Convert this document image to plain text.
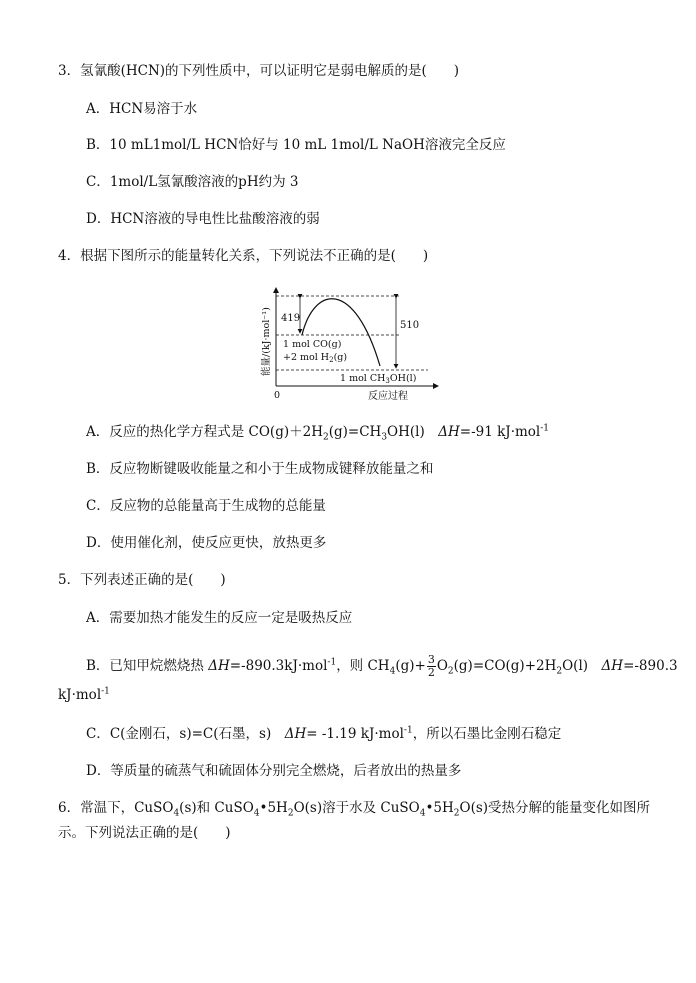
3．氢氰酸(HCN)的下列性质中，可以证明它是弱电解质的是(　　)
A．HCN易溶于水
B．10 mL1mol/L HCN恰好与 10 mL 1mol/L NaOH溶液完全反应
C．1mol/L氢氰酸溶液的pH约为 3
D．HCN溶液的导电性比盐酸溶液的弱
4．根据下图所示的能量转化关系，下列说法不正确的是(　　)
419
510
1 mol CO(g)
+2 mol $H_2(g)$
1 mol $CH_3OH(l)$
0	反应过程
能量/(kJ·mol⁻¹)
A．反应的热化学方程式是 $CO(g)+2H_2(g)=CH_3OH(l)$　ΔH=-91 kJ·mol$^{-1}$
B．反应物断键吸收能量之和小于生成物成键释放能量之和
C．反应物的总能量高于生成物的总能量
D．使用催化剂，使反应更快，放热更多
5．下列表述正确的是(　　)
A．需要加热才能发生的反应一定是吸热反应
B．已知甲烷燃烧热 ΔH=-890.3kJ·mol$^{-1}$，则 $CH_4(g)+ \frac{3}{2} O_2(g)=CO(g)+2H_2O(l)$　ΔH=-890.3
kJ·mol$^{-1}$
C．C(金刚石，s)=C(石墨，s)　ΔH= -1.19 kJ·mol$^{-1}$，所以石墨比金刚石稳定
D．等质量的硫蒸气和硫固体分别完全燃烧，后者放出的热量多
6．常温下，CuSO$_4$(s)和 $CuSO_4•5H_2O(s)$溶于水及 $CuSO_4•5H_2O(s)$受热分解的能量变化如图所
示。下列说法正确的是(　　)
